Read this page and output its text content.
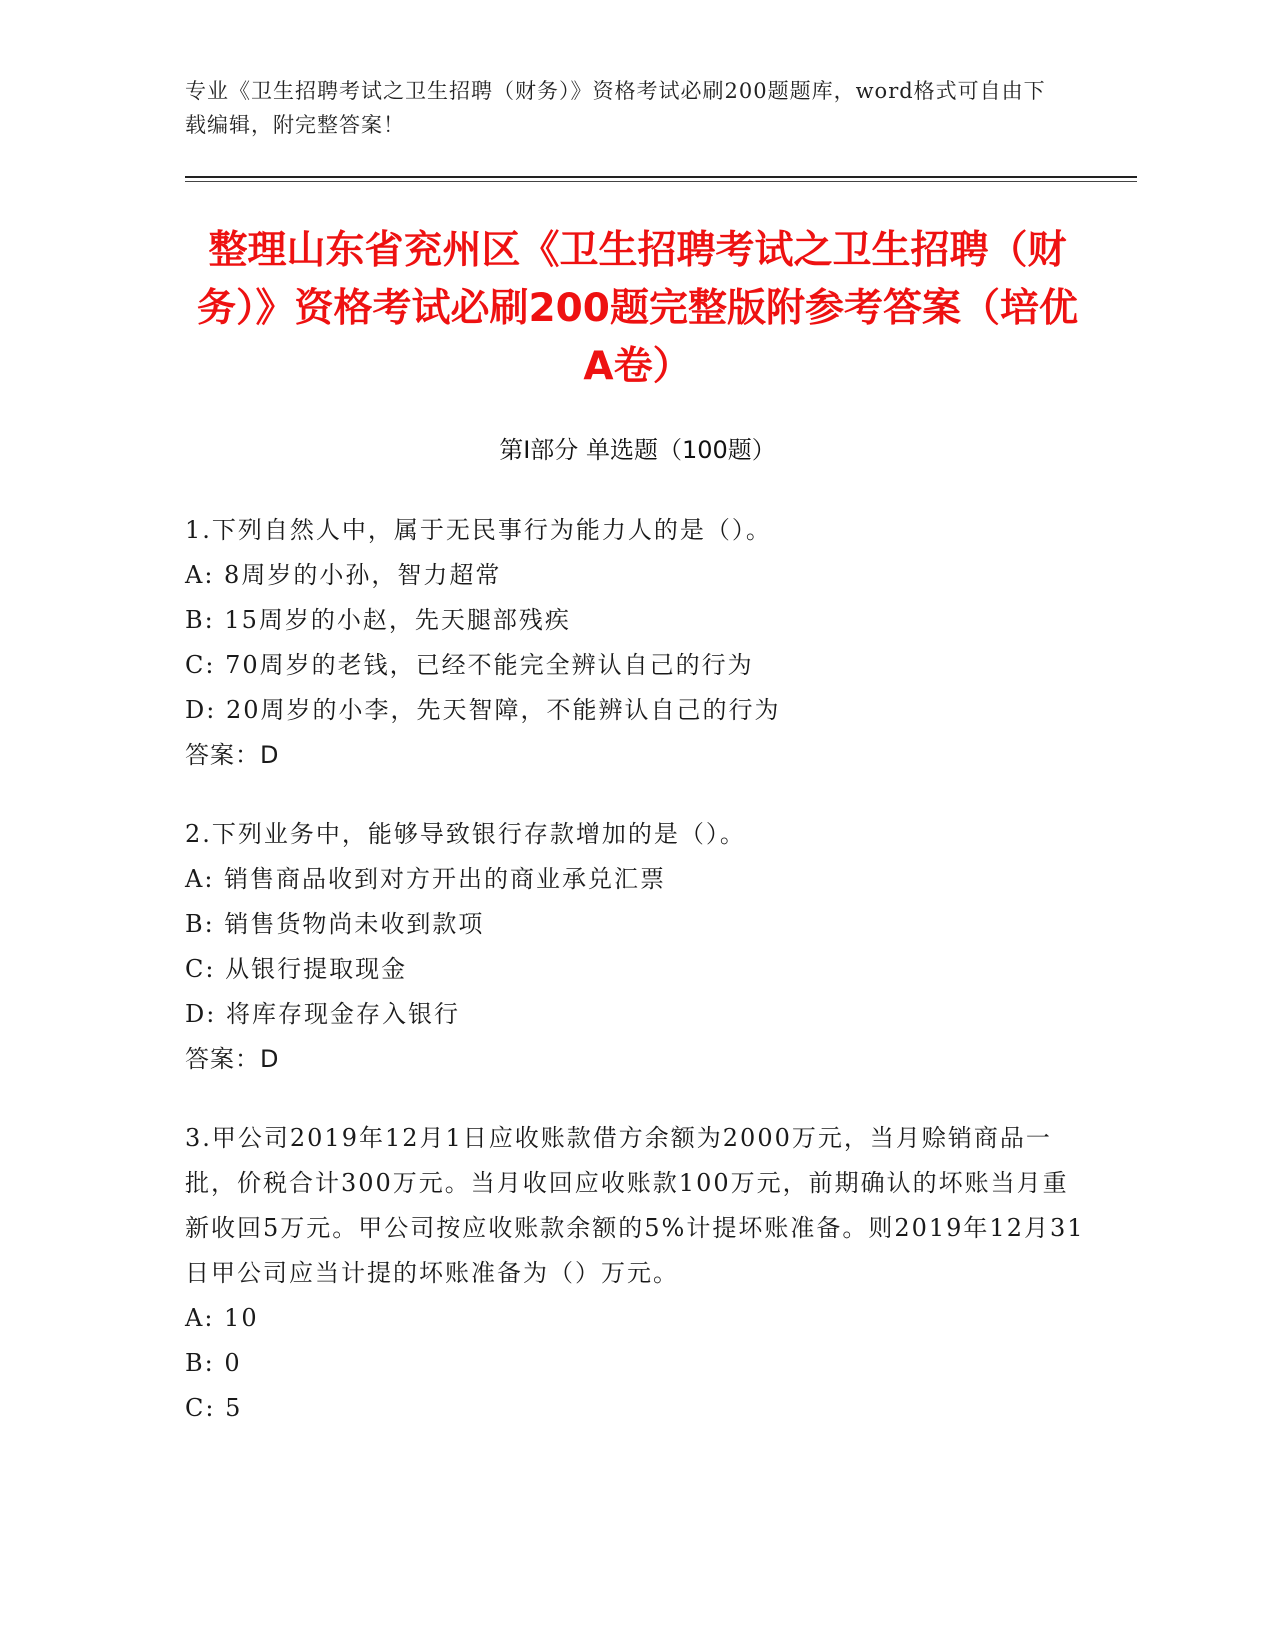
专业《卫生招聘考试之卫生招聘（财务）》资格考试必刷200题题库，word格式可自由下载编辑，附完整答案！

整理山东省兖州区《卫生招聘考试之卫生招聘（财务）》资格考试必刷200题完整版附参考答案（培优A卷）
第I部分 单选题（100题）

1.下列自然人中，属于无民事行为能力人的是（）。

A: 8周岁的小孙，智力超常

B: 15周岁的小赵，先天腿部残疾

C: 70周岁的老钱，已经不能完全辨认自己的行为

D: 20周岁的小李，先天智障，不能辨认自己的行为

答案：D

2.下列业务中，能够导致银行存款增加的是（）。

A: 销售商品收到对方开出的商业承兑汇票

B: 销售货物尚未收到款项

C: 从银行提取现金

D: 将库存现金存入银行

答案：D

3.甲公司2019年12月1日应收账款借方余额为2000万元，当月赊销商品一批，价税合计300万元。当月收回应收账款100万元，前期确认的坏账当月重新收回5万元。甲公司按应收账款余额的5%计提坏账准备。则2019年12月31日甲公司应当计提的坏账准备为（）万元。

A: 10

B: 0

C: 5
